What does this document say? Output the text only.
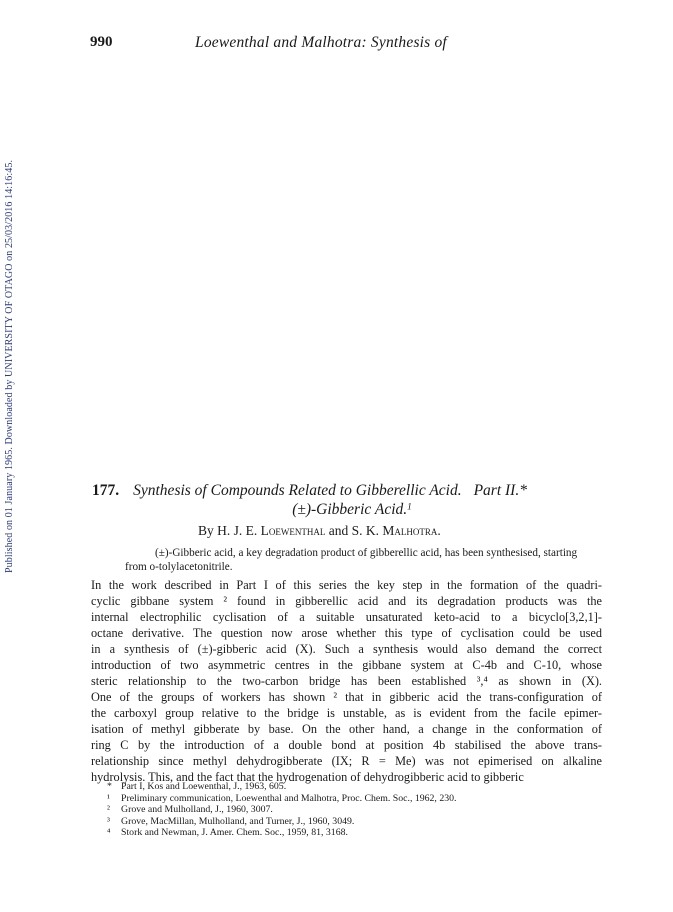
990	Loewenthal and Malhotra: Synthesis of
Published on 01 January 1965. Downloaded by UNIVERSITY OF OTAGO on 25/03/2016 14:16:45.	177. Synthesis of Compounds Related to Gibberellic Acid. Part II.*
(±)-Gibberic Acid.$^1$
By H. J. E. Loewenthal and S. K. Malhotra.
(±)-Gibberic acid, a key degradation product of gibberellic acid, has been synthesised, starting from o-tolylacetonitrile.
In the work described in Part I of this series the key step in the formation of the quadri-
cyclic gibbane system ² found in gibberellic acid and its degradation products was the
internal electrophilic cyclisation of a suitable unsaturated keto-acid to a bicyclo[3,2,1]-
octane derivative. The question now arose whether this type of cyclisation could be used
in a synthesis of (±)-gibberic acid (X). Such a synthesis would also demand the correct
introduction of two asymmetric centres in the gibbane system at C-4b and C-10, whose
steric relationship to the two-carbon bridge has been established ³,⁴ as shown in (X).
One of the groups of workers has shown ² that in gibberic acid the trans-configuration of
the carboxyl group relative to the bridge is unstable, as is evident from the facile epimer-
isation of methyl gibberate by base. On the other hand, a change in the conformation of
ring C by the introduction of a double bond at position 4b stabilised the above trans-
relationship since methyl dehydrogibberate (IX; R = Me) was not epimerised on alkaline
hydrolysis. This, and the fact that the hydrogenation of dehydrogibberic acid to gibberic
* Part I, Kos and Loewenthal, J., 1963, 605.
¹ Preliminary communication, Loewenthal and Malhotra, Proc. Chem. Soc., 1962, 230.
² Grove and Mulholland, J., 1960, 3007.
³ Grove, MacMillan, Mulholland, and Turner, J., 1960, 3049.
⁴ Stork and Newman, J. Amer. Chem. Soc., 1959, 81, 3168.
